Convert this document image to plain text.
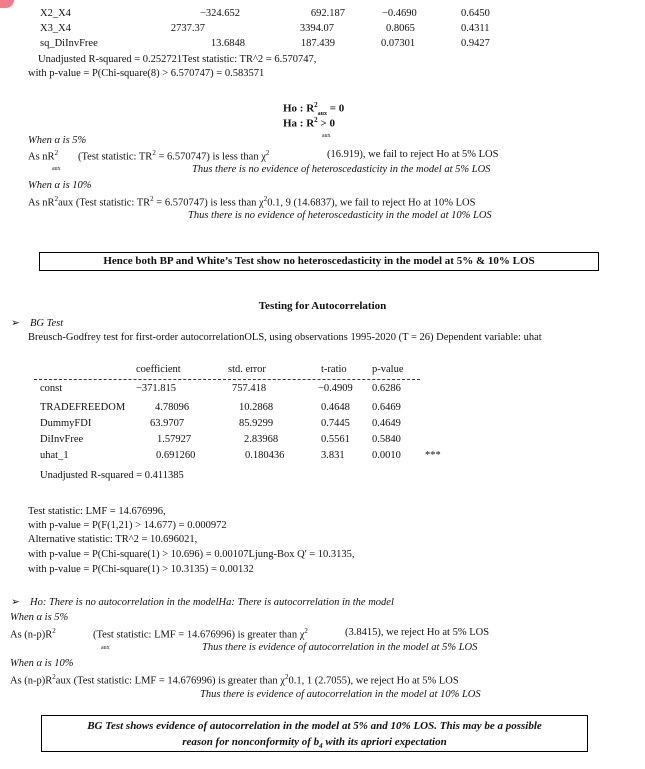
X2_X4	−324.652	692.187	−0.4690	0.6450
X3_X4	2737.37	3394.07	0.8065	0.4311
sq_DiInvFree	13.6848	187.439	0.07301	0.9427
Unadjusted R-squared = 0.252721Test statistic: TR^2 = 6.570747,
with p-value = P(Chi-square(8) > 6.570747) = 0.583571
Ho : $R^2_{aux} = 0$
Ha : $R^2 > 0$
aux
When α is 5%
As $nR^2$ (Test statistic: $TR^2 = 6.570747$) is less than $\chi^2$	(16.919), we fail to reject Ho at 5% LOS
aux	Thus there is no evidence of heteroscedasticity in the model at 5% LOS
When α is 10%
As $nR^2aux$ (Test statistic: $TR^2 = 6.570747$) is less than $\chi^20.1$, 9 (14.6837), we fail to reject Ho at 10% LOS
Thus there is no evidence of heteroscedasticity in the model at 10% LOS
Hence both BP and White’s Test show no heteroscedasticity in the model at 5% & 10% LOS
Testing for Autocorrelation
➢ BG Test
Breusch-Godfrey test for first-order autocorrelationOLS, using observations 1995-2020 (T = 26) Dependent variable: uhat
coefficient	std. error	t-ratio p-value
const	−371.815	757.418	−0.4909 0.6286
TRADEFREEDOM	4.78096	10.2868	0.4648 0.6469
DummyFDI	63.9707	85.9299	0.7445 0.4649
DiInvFree	1.57927	2.83968	0.5561 0.5840
uhat_1	0.691260	0.180436	3.831	0.0010 ***
Unadjusted R-squared = 0.411385
Test statistic: LMF = 14.676996,
with p-value = P(F(1,21) > 14.677) = 0.000972
Alternative statistic: TR^2 = 10.696021,
with p-value = P(Chi-square(1) > 10.696) = 0.00107Ljung-Box Q' = 10.3135,
with p-value = P(Chi-square(1) > 10.3135) = 0.00132
➢ Ho: There is no autocorrelation in the modelHa: There is autocorrelation in the model
When α is 5%
As $(n-p)R^2$	(Test statistic: LMF = 14.676996) is greater than $\chi^2$	(3.8415), we reject Ho at 5% LOS
aux	Thus there is evidence of autocorrelation in the model at 5% LOS
When α is 10%
As $(n-p)R^2aux$ (Test statistic: LMF = 14.676996) is greater than $\chi^20.1$, 1 (2.7055), we reject Ho at 5% LOS
Thus there is evidence of autocorrelation in the model at 10% LOS
BG Test shows evidence of autocorrelation in the model at 5% and 10% LOS. This may be a possible
reason for nonconformity of $b_4$ with its apriori expectation
